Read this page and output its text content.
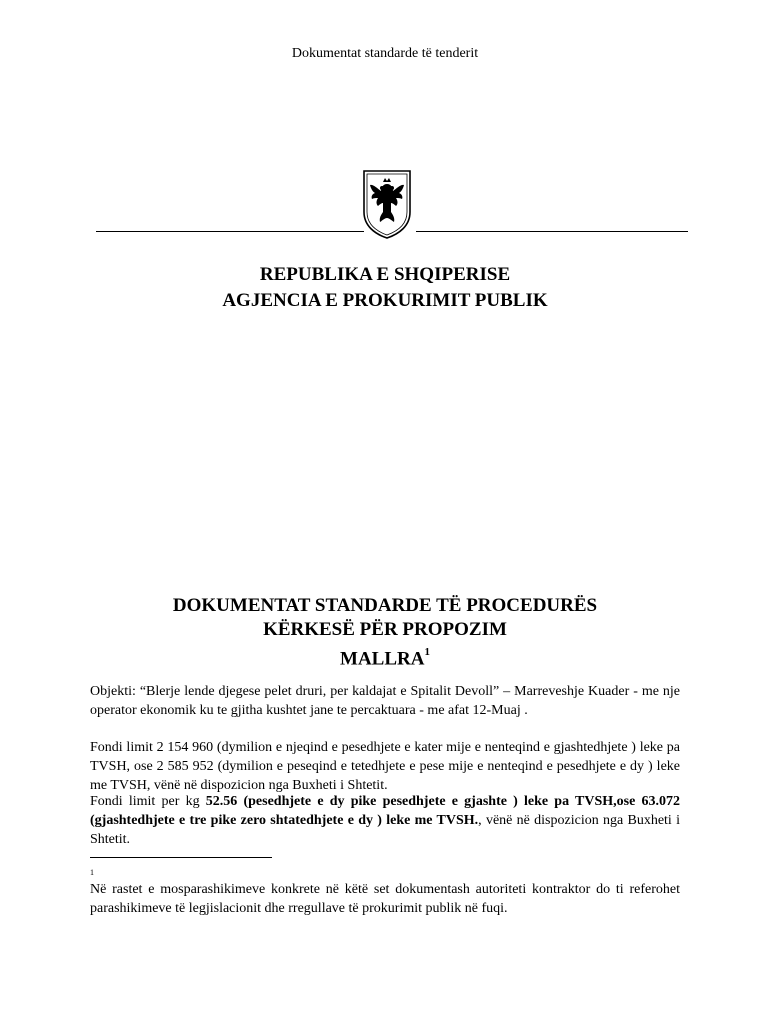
Dokumentat standarde të tenderit
REPUBLIKA E SHQIPERISE
AGJENCIA E PROKURIMIT PUBLIK
DOKUMENTAT STANDARDE TË PROCEDURËS
KËRKESË PËR PROPOZIM
MALLRA$^1$
Objekti: “Blerje lende djegese pelet druri, per kaldajat e Spitalit Devoll” – Marreveshje Kuader - me nje operator ekonomik ku te gjitha kushtet jane te percaktuara - me afat 12-Muaj .
Fondi limit 2 154 960 (dymilion e njeqind e pesedhjete e kater mije e nenteqind e gjashtedhjete ) leke pa TVSH, ose 2 585 952 (dymilion e peseqind e tetedhjete e pese mije e nenteqind e pesedhjete e dy ) leke me TVSH, vënë në dispozicion nga Buxheti i Shtetit.
Fondi limit per kg 52.56 (pesedhjete e dy pike pesedhjete e gjashte ) leke pa TVSH,ose 63.072 (gjashtedhjete e tre pike zero shtatedhjete e dy ) leke me TVSH., vënë në dispozicion nga Buxheti i Shtetit.
1
Në rastet e mosparashikimeve konkrete në këtë set dokumentash autoriteti kontraktor do ti referohet parashikimeve të legjislacionit dhe rregullave të prokurimit publik në fuqi.
